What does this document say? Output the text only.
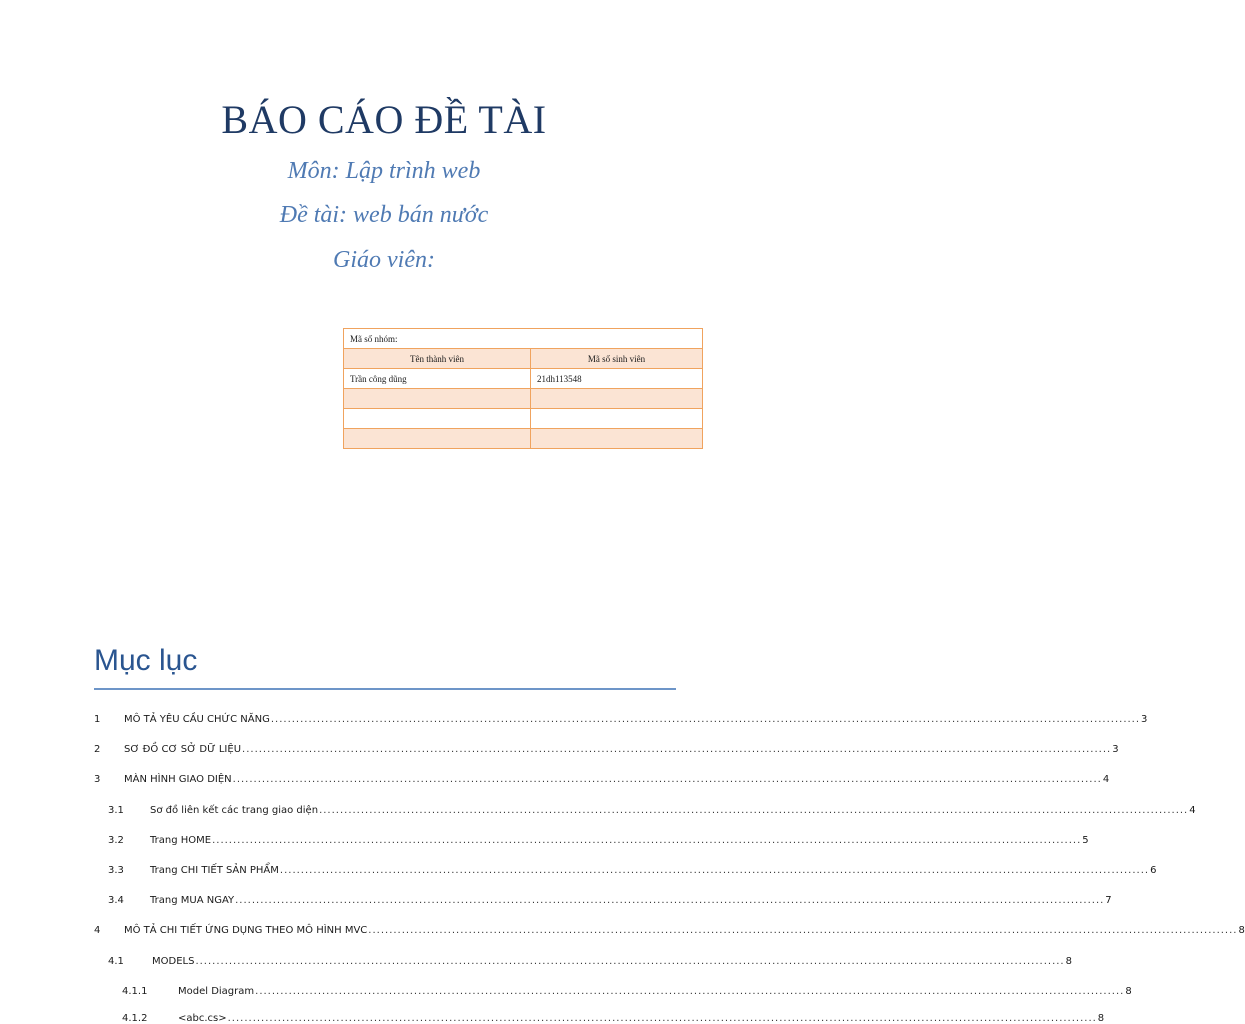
BÁO CÁO ĐỀ TÀI
Môn: Lập trình web
Đề tài: web bán nước
Giáo viên:
Mã số nhóm:	
Tên thành viên	Mã số sinh viên
Trần công dũng	21dh113548

Mục lục
1	MÔ TẢ YÊU CẦU CHỨC NĂNG ................................................................................................................................................................................................................ 3
2	SƠ ĐỒ CƠ SỞ DỮ LIỆU ................................................................................................................................................................................................................ 3
3	MÀN HÌNH GIAO DIỆN ................................................................................................................................................................................................................ 4
3.1	Sơ đồ liên kết các trang giao diện ................................................................................................................................................................................................................ 4
3.2	Trang HOME ................................................................................................................................................................................................................ 5
3.3	Trang CHI TIẾT SẢN PHẨM ................................................................................................................................................................................................................ 6
3.4	Trang MUA NGAY ................................................................................................................................................................................................................ 7
4	MÔ TẢ CHI TIẾT ỨNG DỤNG THEO MÔ HÌNH MVC ................................................................................................................................................................................................................ 8
4.1	MODELS ................................................................................................................................................................................................................ 8
4.1.1	Model Diagram ................................................................................................................................................................................................................ 8
4.1.2	<abc.cs> ................................................................................................................................................................................................................ 8
